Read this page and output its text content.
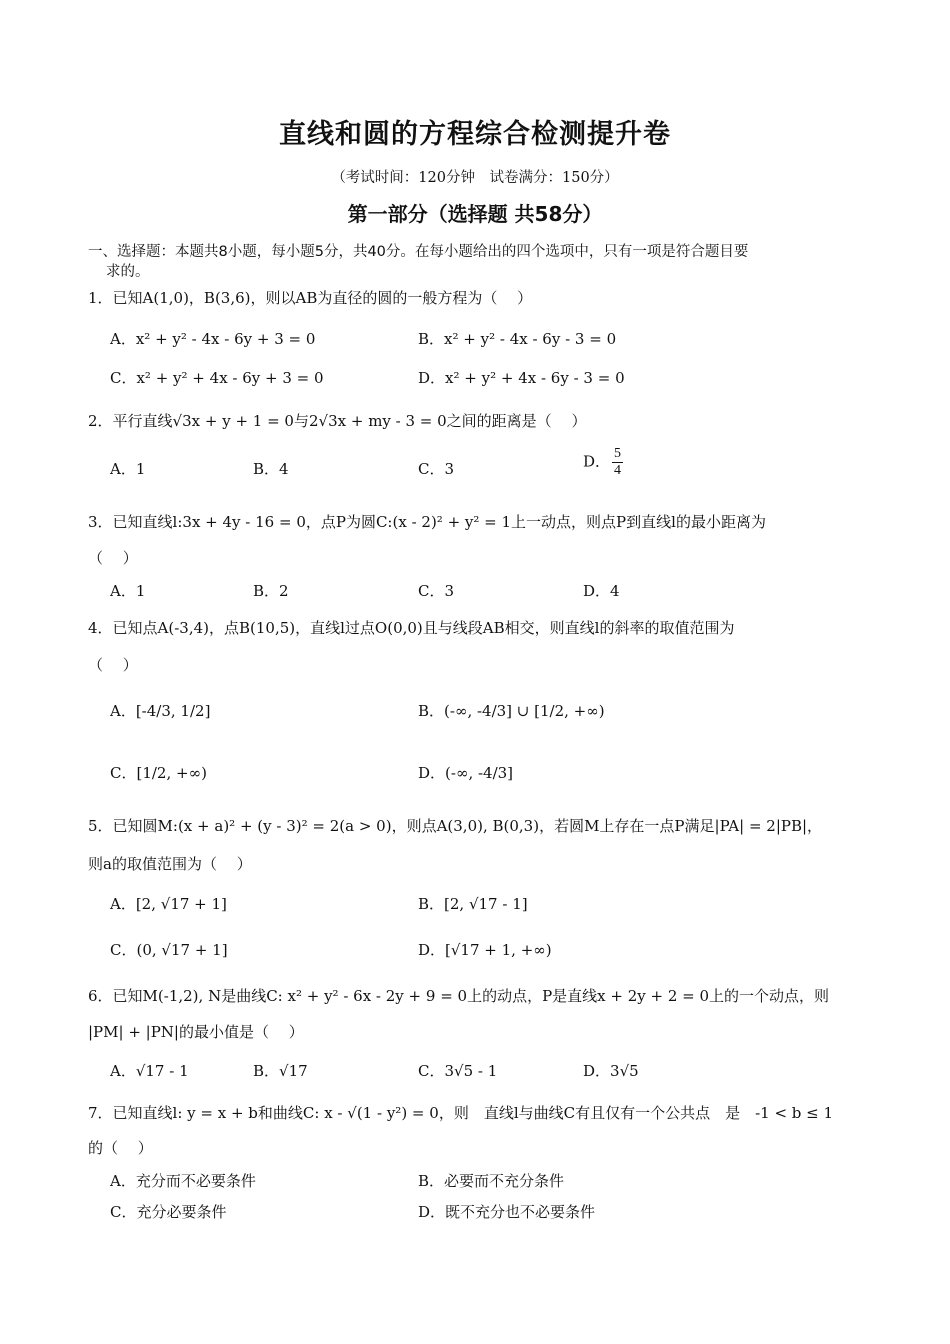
直线和圆的方程综合检测提升卷
（考试时间：120分钟　试卷满分：150分）
第一部分（选择题 共58分）
一、选择题：本题共8小题，每小题5分，共40分。在每小题给出的四个选项中，只有一项是符合题目要
求的。
1．已知A(1,0)，B(3,6)，则以AB为直径的圆的一般方程为（　 ）
A．x² + y² - 4x - 6y + 3 = 0	B．x² + y² - 4x - 6y - 3 = 0
C．x² + y² + 4x - 6y + 3 = 0	D．x² + y² + 4x - 6y - 3 = 0
2．平行直线√3x + y + 1 = 0与2√3x + my - 3 = 0之间的距离是（　 ）
A．1	B．4	C．3	D． $\frac{5}{4}$
3．已知直线l:3x + 4y - 16 = 0，点P为圆C:(x - 2)² + y² = 1上一动点，则点P到直线l的最小距离为
（　 ）
A．1	B．2	C．3	D．4
4．已知点A(-3,4)，点B(10,5)，直线l过点O(0,0)且与线段AB相交，则直线l的斜率的取值范围为
（　 ）
A．[-4/3, 1/2]	B．(-∞, -4/3] ∪ [1/2, +∞)
C．[1/2, +∞)	D．(-∞, -4/3]
5．已知圆M:(x + a)² + (y - 3)² = 2(a > 0)，则点A(3,0), B(0,3)，若圆M上存在一点P满足|PA| = 2|PB|，
则a的取值范围为（　 ）
A．[2, √17 + 1]	B．[2, √17 - 1]
C．(0, √17 + 1]	D．[√17 + 1, +∞)
6．已知M(-1,2), N是曲线C: x² + y² - 6x - 2y + 9 = 0上的动点，P是直线x + 2y + 2 = 0上的一个动点，则
|PM| + |PN|的最小值是（　 ）
A．√17 - 1	B．√17	C．3√5 - 1	D．3√5
7．已知直线l: y = x + b和曲线C: x - √(1 - y²) = 0，则　直线l与曲线C有且仅有一个公共点　是　-1 < b ≤ 1
的（　 ）
A．充分而不必要条件	B．必要而不充分条件
C．充分必要条件	D．既不充分也不必要条件
